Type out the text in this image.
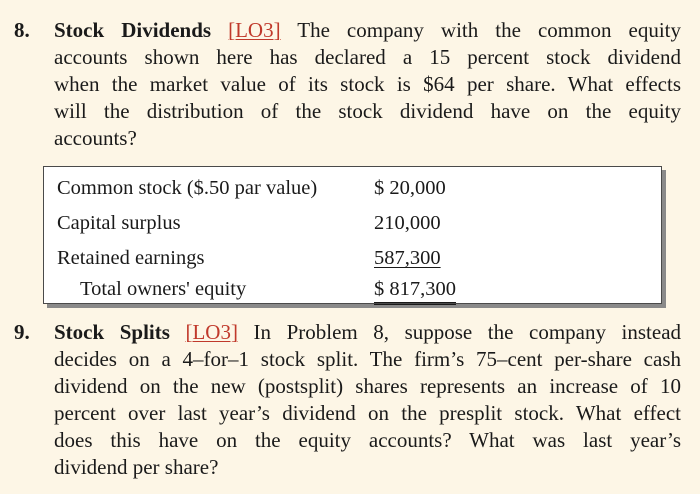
8. Stock Dividends [LO3] The company with the common equity
accounts shown here has declared a 15 percent stock dividend
when the market value of its stock is $64 per share. What effects
will the distribution of the stock dividend have on the equity
accounts?
Common stock ($.50 par value)	$ 20,000
Capital surplus	210,000
Retained earnings	587,300
Total owners' equity	$ 817,300
9. Stock Splits [LO3] In Problem 8, suppose the company instead
decides on a 4–for–1 stock split. The firm’s 75–cent per-share cash
dividend on the new (postsplit) shares represents an increase of 10
percent over last year’s dividend on the presplit stock. What effect
does this have on the equity accounts? What was last year’s
dividend per share?
